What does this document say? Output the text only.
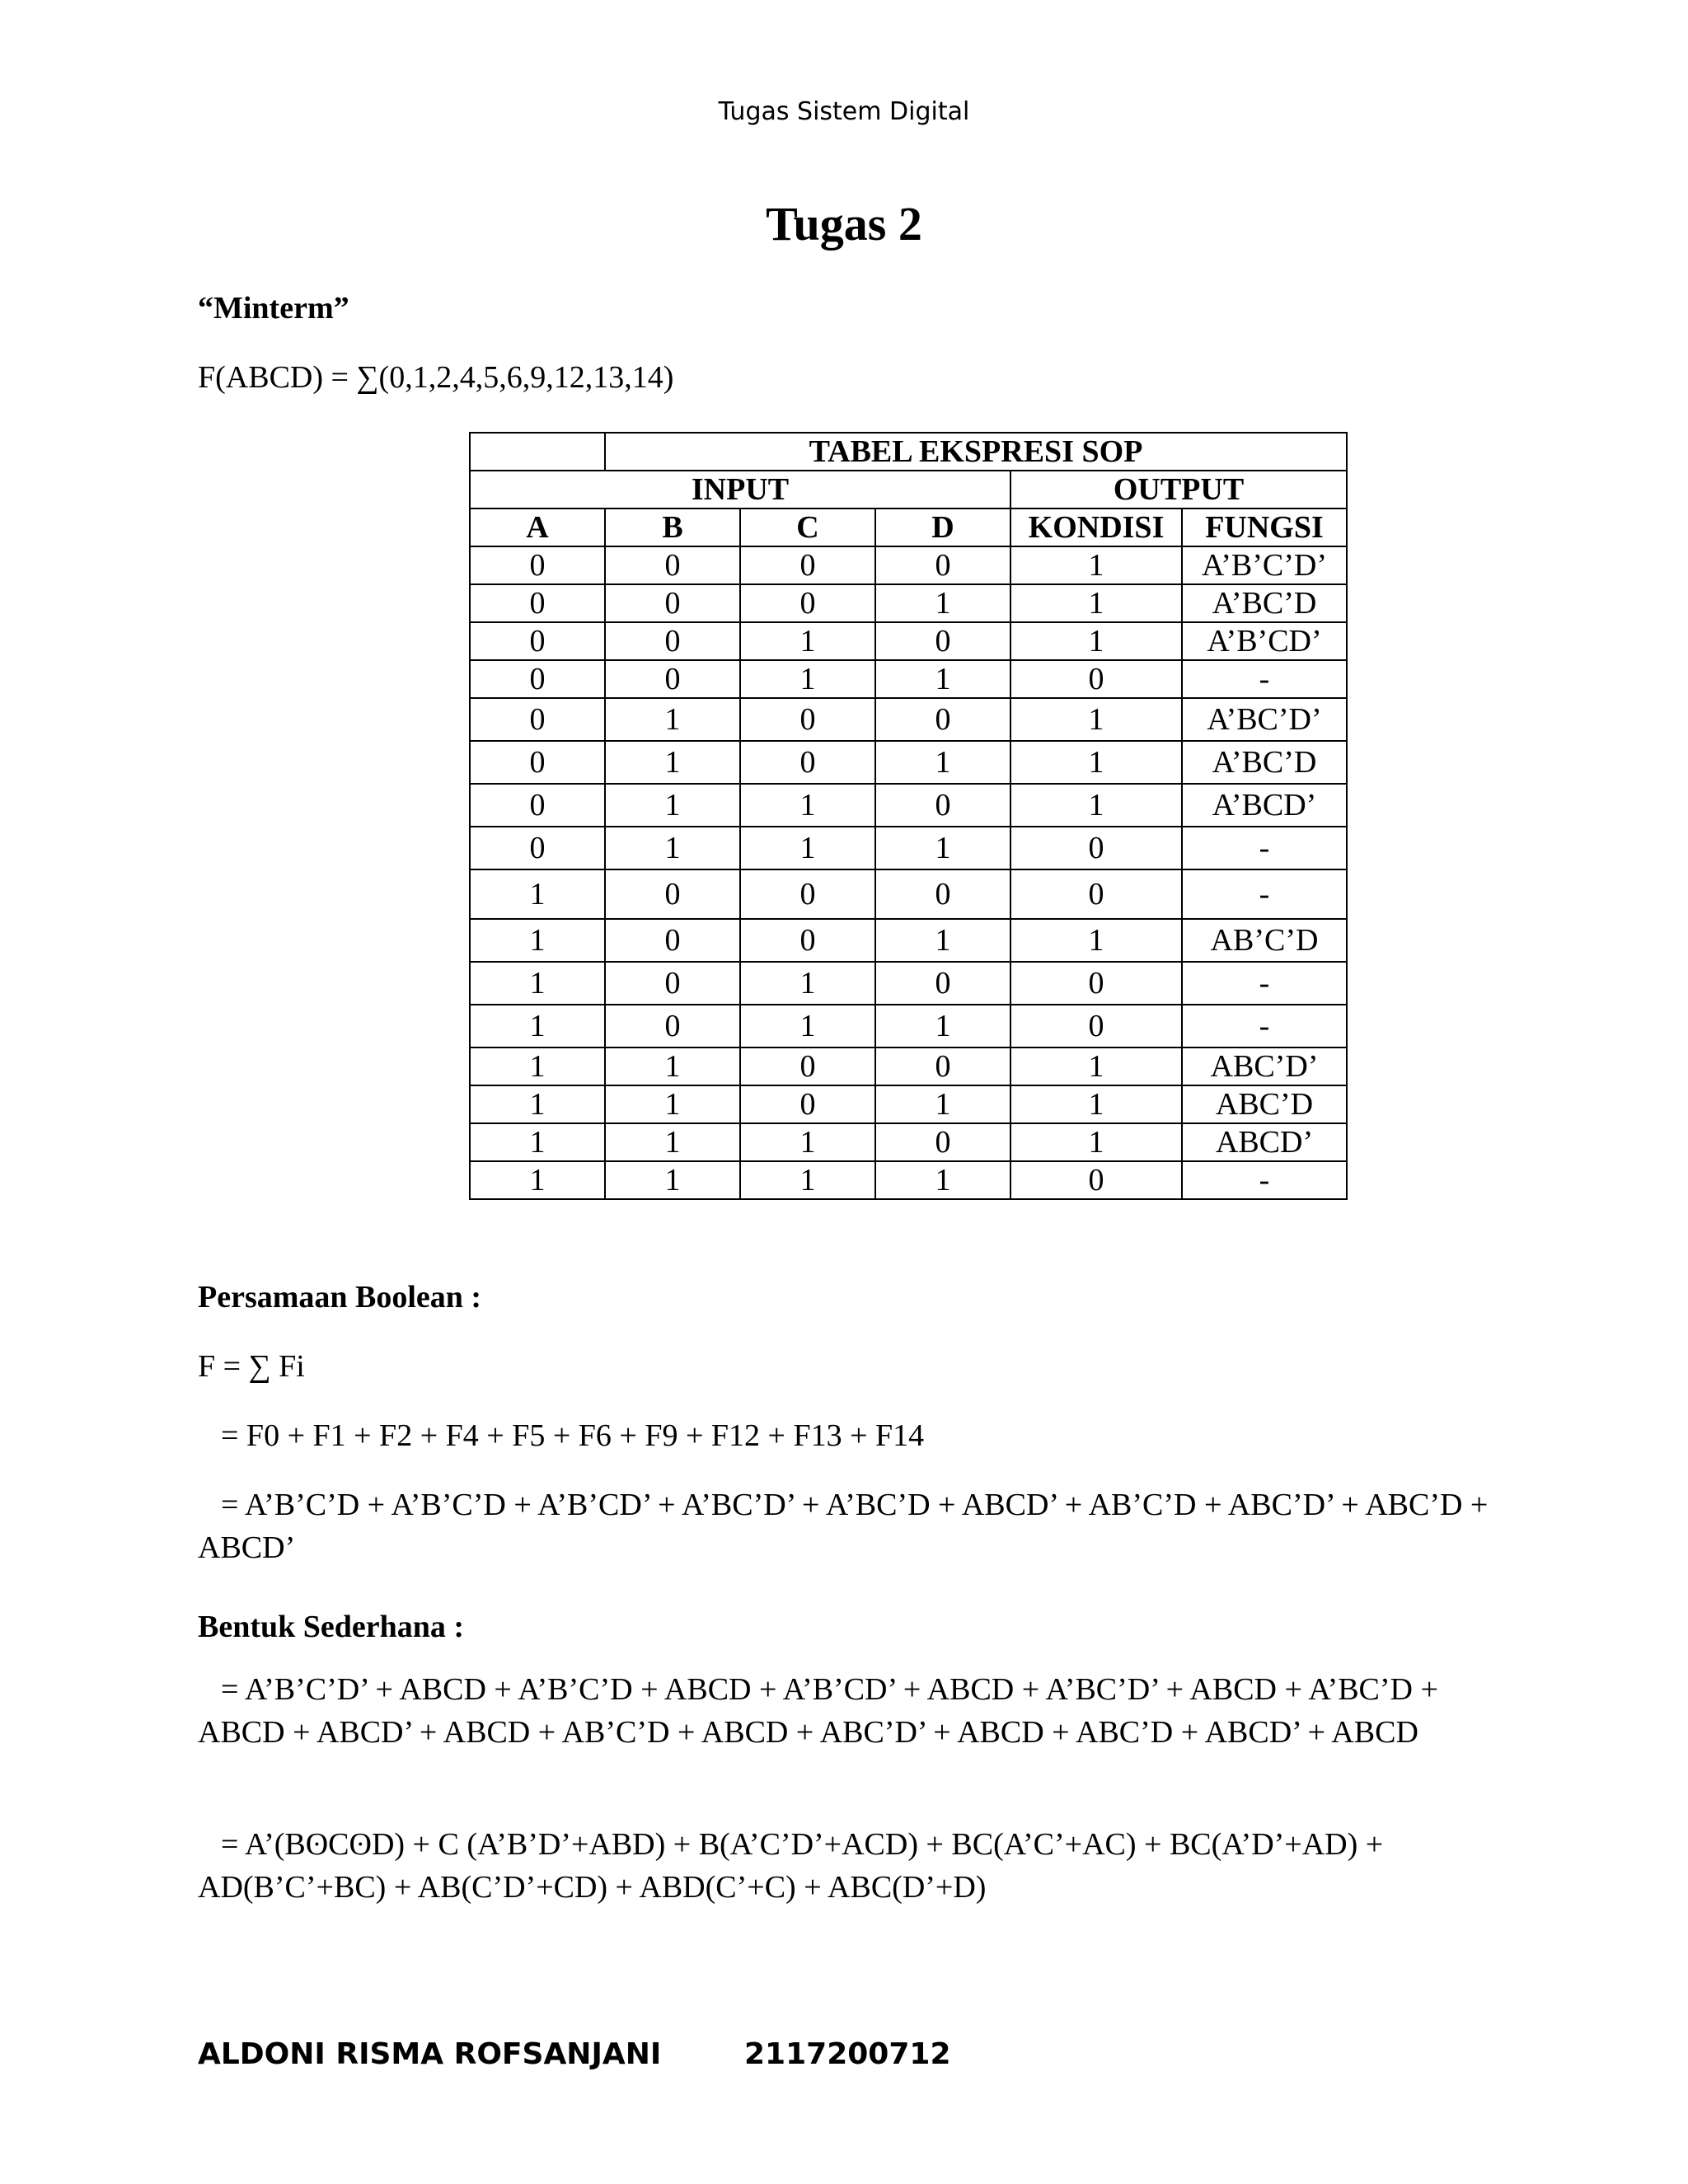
Tugas Sistem Digital
Tugas 2
“Minterm”
F(ABCD) = ∑(0,1,2,4,5,6,9,12,13,14)
	TABEL EKSPRESI SOP				
INPUT				OUTPUT	
A	B	C	D	KONDISI	FUNGSI
0	0	0	0	1	A’B’C’D’
0	0	0	1	1	A’BC’D
0	0	1	0	1	A’B’CD’
0	0	1	1	0	-
0	1	0	0	1	A’BC’D’
0	1	0	1	1	A’BC’D
0	1	1	0	1	A’BCD’
0	1	1	1	0	-
1	0	0	0	0	-
1	0	0	1	1	AB’C’D
1	0	1	0	0	-
1	0	1	1	0	-
1	1	0	0	1	ABC’D’
1	1	0	1	1	ABC’D
1	1	1	0	1	ABCD’
1	1	1	1	0	-
Persamaan Boolean :
F = ∑ Fi
= F0 + F1 + F2 + F4 + F5 + F6 + F9 + F12 + F13 + F14
= A’B’C’D + A’B’C’D + A’B’CD’ + A’BC’D’ + A’BC’D + ABCD’ + AB’C’D + ABC’D’ + ABC’D + ABCD’
Bentuk Sederhana :
= A’B’C’D’ + ABCD + A’B’C’D + ABCD + A’B’CD’ + ABCD + A’BC’D’ + ABCD + A’BC’D + ABCD + ABCD’ + ABCD + AB’C’D + ABCD + ABC’D’ + ABCD + ABC’D + ABCD’ + ABCD
= A’(BʘCʘD) + C (A’B’D’+ABD) + B(A’C’D’+ACD) + BC(A’C’+AC) + BC(A’D’+AD) + AD(B’C’+BC) + AB(C’D’+CD) + ABD(C’+C) + ABC(D’+D)
ALDONI RISMA ROFSANJANI	2117200712
